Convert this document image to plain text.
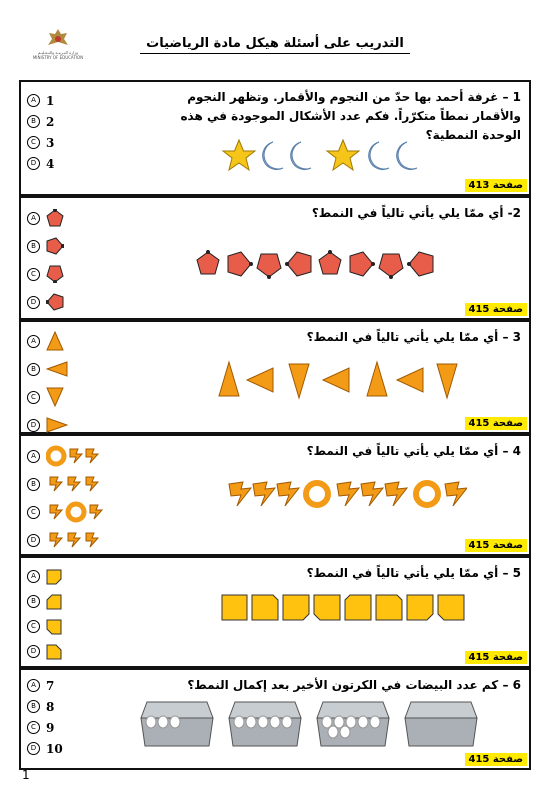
وزارة التـربيـة والتـعـليـم
MINISTRY OF EDUCATION
التدريب على أسئلة هيكل مادة الرياضيات
A 1
B 2
C 3
D 4
1 – غرفة أحمد بها حدّ من النجوم والأقمار. وتظهر النجوم والأقمار نمطاً متكرّراً. فكم عدد الأشكال الموجودة في هذه الوحدة النمطية؟
صفحة 413
A
B
C
D
2- أي ممّا يلي يأتي تالياً في النمط؟
صفحة 415
A
B
C
D
3 – أي ممّا يلي يأتي تالياً في النمط؟
صفحة 415
A
B
C
D
4 – أي ممّا يلي يأتي تالياً في النمط؟
صفحة 415
A
B
C
D
5 – أي ممّا يلي يأتي تالياً في النمط؟
صفحة 415
A 7
B 8
C 9
D 10
6 – كم عدد البيضات في الكرتون الأخير بعد إكمال النمط؟
صفحة 415
1
